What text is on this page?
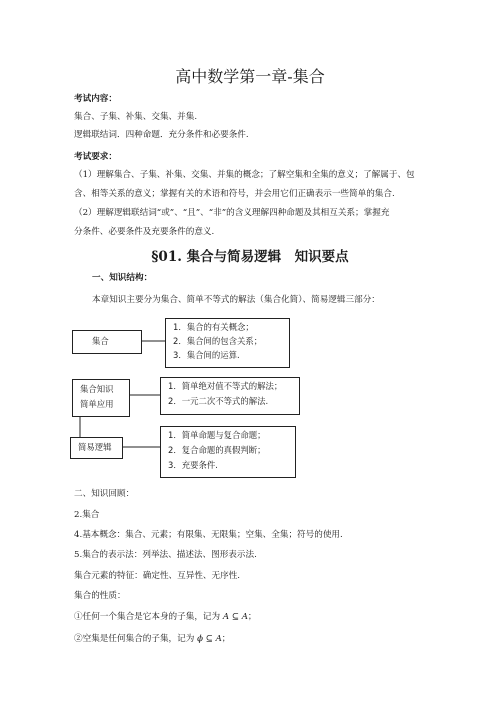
高中数学第一章-集合
考试内容：
集合、子集、补集、交集、并集.
逻辑联结词．四种命题．充分条件和必要条件.
考试要求：
（1）理解集合、子集、补集、交集、并集的概念；了解空集和全集的意义；了解属于、包
含、相等关系的意义；掌握有关的术语和符号，并会用它们正确表示一些简单的集合.
（2）理解逻辑联结词“或”、“且”、“非”的含义理解四种命题及其相互关系；掌握充
分条件、必要条件及充要条件的意义.
§01. 集合与简易逻辑　知识要点
一、知识结构：
本章知识主要分为集合、简单不等式的解法（集合化简）、简易逻辑三部分：
集合
1．集合的有关概念；
2．集合间的包含关系；
3．集合间的运算.
集合知识
简单应用
1．简单绝对值不等式的解法；
2．一元二次不等式的解法.
简易逻辑
1．简单命题与复合命题；
2．复合命题的真假判断；
3．充要条件.
二、知识回顾：
2.集合
4.基本概念：集合、元素；有限集、无限集；空集、全集；符号的使用.
5.集合的表示法：列举法、描述法、图形表示法.
集合元素的特征：确定性、互异性、无序性.
集合的性质：
①任何一个集合是它本身的子集，记为 A ⊆ A；
②空集是任何集合的子集，记为 ϕ ⊆ A；
